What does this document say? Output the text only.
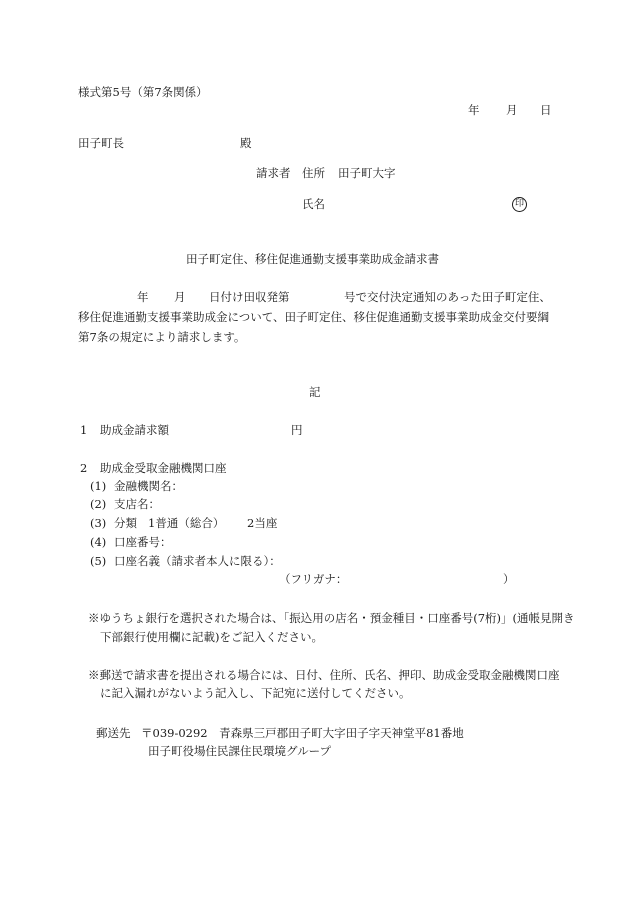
様式第5号（第7条関係）
年 月 日
田子町長	殿
請求者 住所 田子町大字
氏名	印
田子町定住、移住促進通勤支援事業助成金請求書
年 月 日付け田収発第	号で交付決定通知のあった田子町定住、
移住促進通勤支援事業助成金について、田子町定住、移住促進通勤支援事業助成金交付要綱
第7条の規定により請求します。
記
1 助成金請求額	円
2 助成金受取金融機関口座
(1) 金融機関名：
(2) 支店名：
(3) 分類 1普通（総合） 2当座
(4) 口座番号：
(5) 口座名義（請求者本人に限る）：
（フリガナ：	）
※ゆうちょ銀行を選択された場合は、「振込用の店名・預金種目・口座番号(7桁)」(通帳見開き
下部銀行使用欄に記載)をご記入ください。
※郵送で請求書を提出される場合には、日付、住所、氏名、押印、助成金受取金融機関口座
に記入漏れがないよう記入し、下記宛に送付してください。
郵送先 〒039-0292　青森県三戸郡田子町大字田子字天神堂平81番地
田子町役場住民課住民環境グループ
